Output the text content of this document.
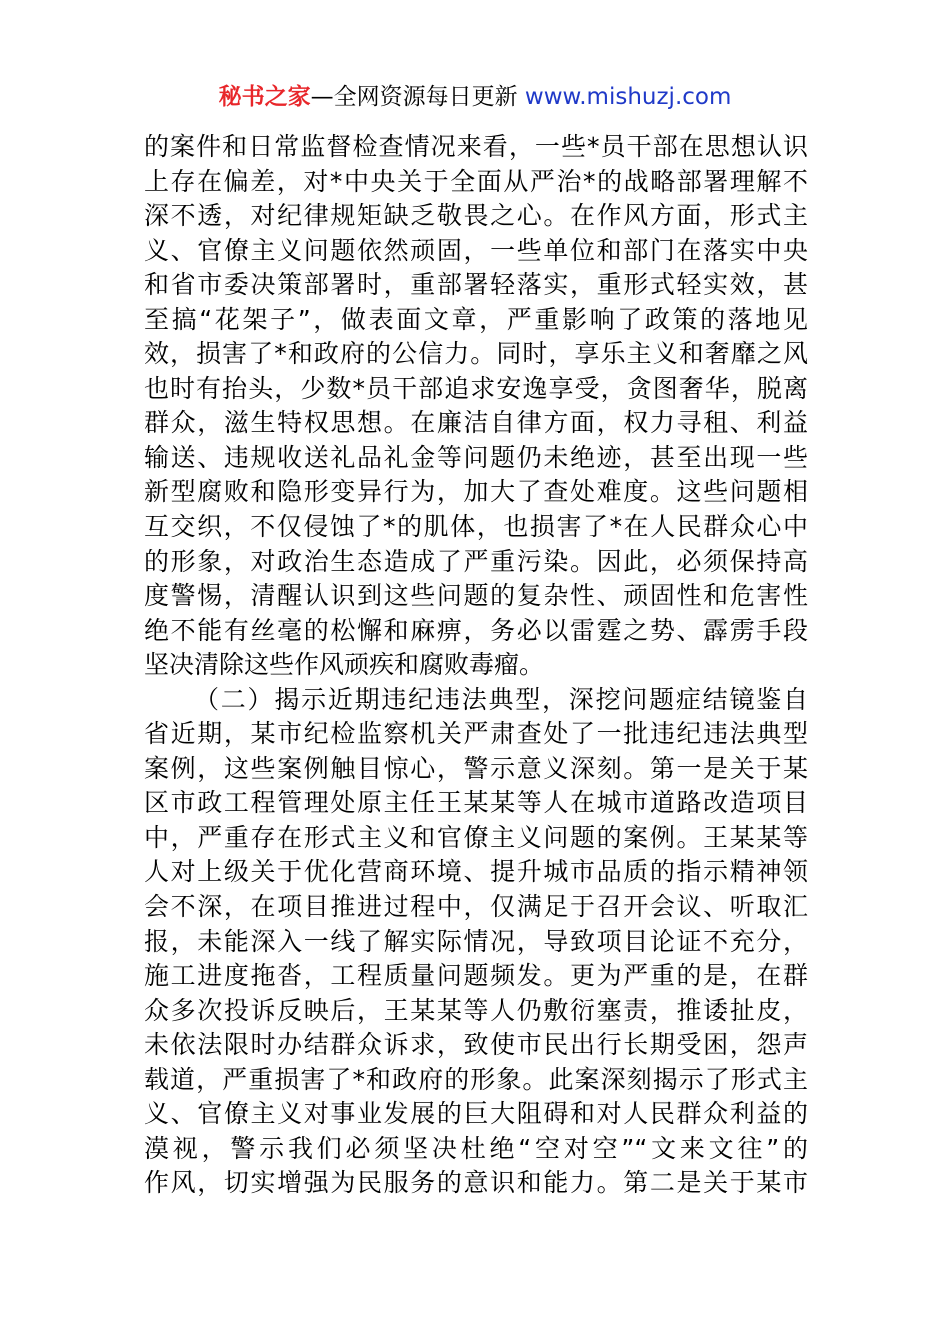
秘书之家—全网资源每日更新 www.mishuzj.com
的案件和日常监督检查情况来看，一些*员干部在思想认识
上存在偏差，对*中央关于全面从严治*的战略部署理解不
深不透，对纪律规矩缺乏敬畏之心。在作风方面，形式主
义、官僚主义问题依然顽固，一些单位和部门在落实中央
和省市委决策部署时，重部署轻落实，重形式轻实效，甚
至搞“花架子”，做表面文章，严重影响了政策的落地见
效，损害了*和政府的公信力。同时，享乐主义和奢靡之风
也时有抬头，少数*员干部追求安逸享受，贪图奢华，脱离
群众，滋生特权思想。在廉洁自律方面，权力寻租、利益
输送、违规收送礼品礼金等问题仍未绝迹，甚至出现一些
新型腐败和隐形变异行为，加大了查处难度。这些问题相
互交织，不仅侵蚀了*的肌体，也损害了*在人民群众心中
的形象，对政治生态造成了严重污染。因此，必须保持高
度警惕，清醒认识到这些问题的复杂性、顽固性和危害性
绝不能有丝毫的松懈和麻痹，务必以雷霆之势、霹雳手段
坚决清除这些作风顽疾和腐败毒瘤。
（二）揭示近期违纪违法典型，深挖问题症结镜鉴自
省近期，某市纪检监察机关严肃查处了一批违纪违法典型
案例，这些案例触目惊心，警示意义深刻。第一是关于某
区市政工程管理处原主任王某某等人在城市道路改造项目
中，严重存在形式主义和官僚主义问题的案例。王某某等
人对上级关于优化营商环境、提升城市品质的指示精神领
会不深，在项目推进过程中，仅满足于召开会议、听取汇
报，未能深入一线了解实际情况，导致项目论证不充分，
施工进度拖沓，工程质量问题频发。更为严重的是，在群
众多次投诉反映后，王某某等人仍敷衍塞责，推诿扯皮，
未依法限时办结群众诉求，致使市民出行长期受困，怨声
载道，严重损害了*和政府的形象。此案深刻揭示了形式主
义、官僚主义对事业发展的巨大阻碍和对人民群众利益的
漠视，警示我们必须坚决杜绝“空对空”“文来文往”的
作风，切实增强为民服务的意识和能力。第二是关于某市
